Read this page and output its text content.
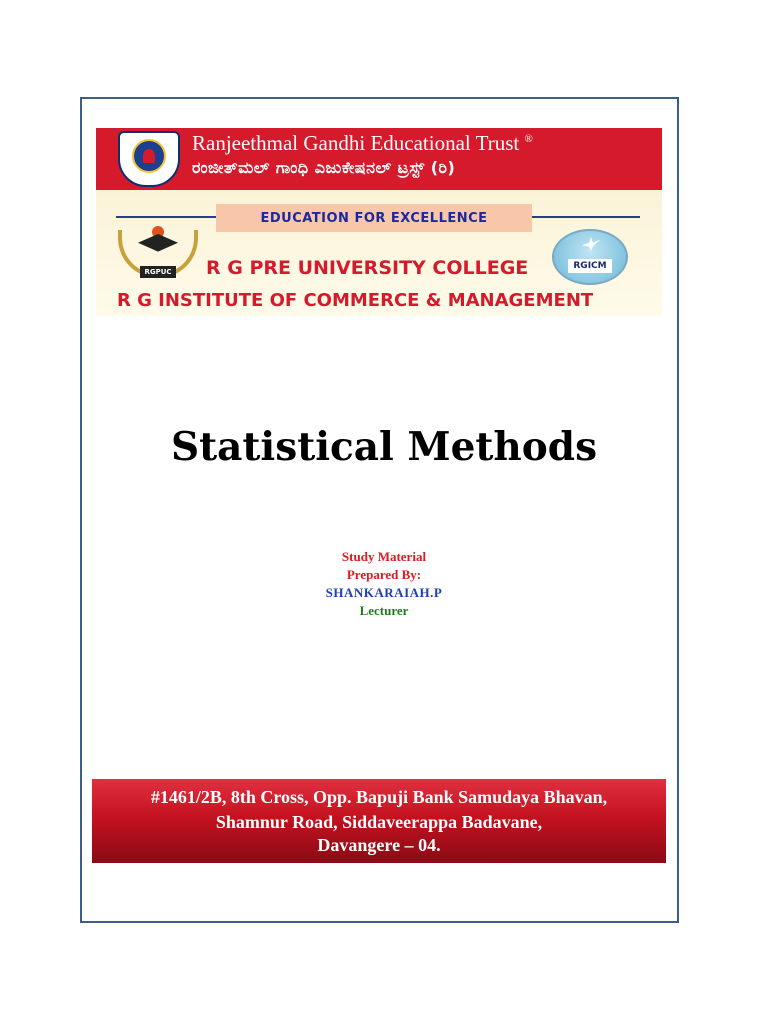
Ranjeethmal Gandhi Educational Trust ®
ರಂಜೀತ್‌ಮಲ್ ಗಾಂಧಿ ಎಜುಕೇಷನಲ್ ಟ್ರಸ್ಟ್ (ರಿ)
EDUCATION FOR EXCELLENCE
RGPUC
RGICM
R G PRE UNIVERSITY COLLEGE
R G INSTITUTE OF COMMERCE & MANAGEMENT
Statistical Methods
Study Material
Prepared By:
SHANKARAIAH.P
Lecturer
#1461/2B, 8th Cross, Opp. Bapuji Bank Samudaya Bhavan,
Shamnur Road, Siddaveerappa Badavane,
Davangere – 04.
